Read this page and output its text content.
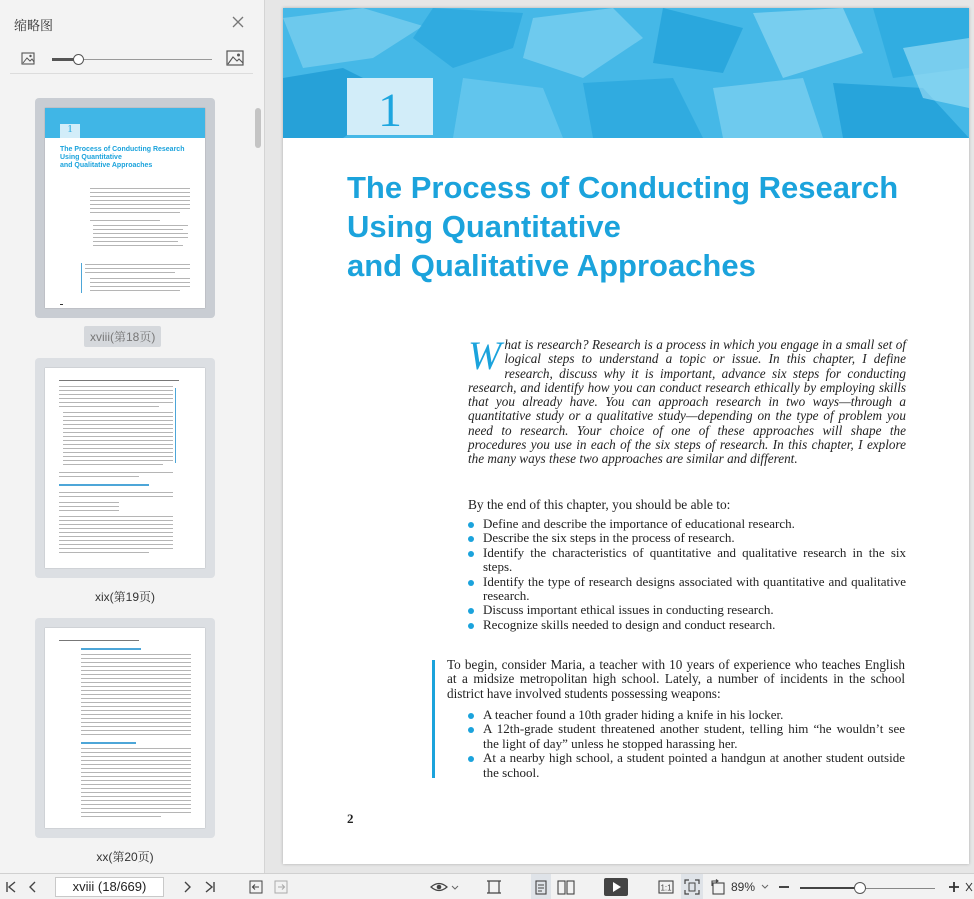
缩略图
1
The Process of Conducting Research
Using Quantitative
and Qualitative Approaches
xviii(第18页)
xix(第19页)
xx(第20页)
1
The Process of Conducting Research
Using Quantitative
and Qualitative Approaches
What is research? Research is a process in which you engage in a small set of logical steps to understand a topic or issue. In this chapter, I define research, discuss why it is important, advance six steps for conducting research, and identify how you can conduct research ethically by employing skills that you already have. You can approach research in two ways—through a quantitative study or a qualitative study—depending on the type of problem you need to research. Your choice of one of these approaches will shape the procedures you use in each of the six steps of research. In this chapter, I explore the many ways these two approaches are similar and different.
By the end of this chapter, you should be able to:
Define and describe the importance of educational research.
Describe the six steps in the process of research.
Identify the characteristics of quantitative and qualitative research in the six steps.
Identify the type of research designs associated with quantitative and qualitative research.
Discuss important ethical issues in conducting research.
Recognize skills needed to design and conduct research.
To begin, consider Maria, a teacher with 10 years of experience who teaches English at a midsize metropolitan high school. Lately, a number of incidents in the school district have involved students possessing weapons:
A teacher found a 10th grader hiding a knife in his locker.
A 12th-grade student threatened another student, telling him “he wouldn’t see the light of day” unless he stopped harassing her.
At a nearby high school, a student pointed a handgun at another student outside the school.
2
xviii (18/669)	1:1	89%
